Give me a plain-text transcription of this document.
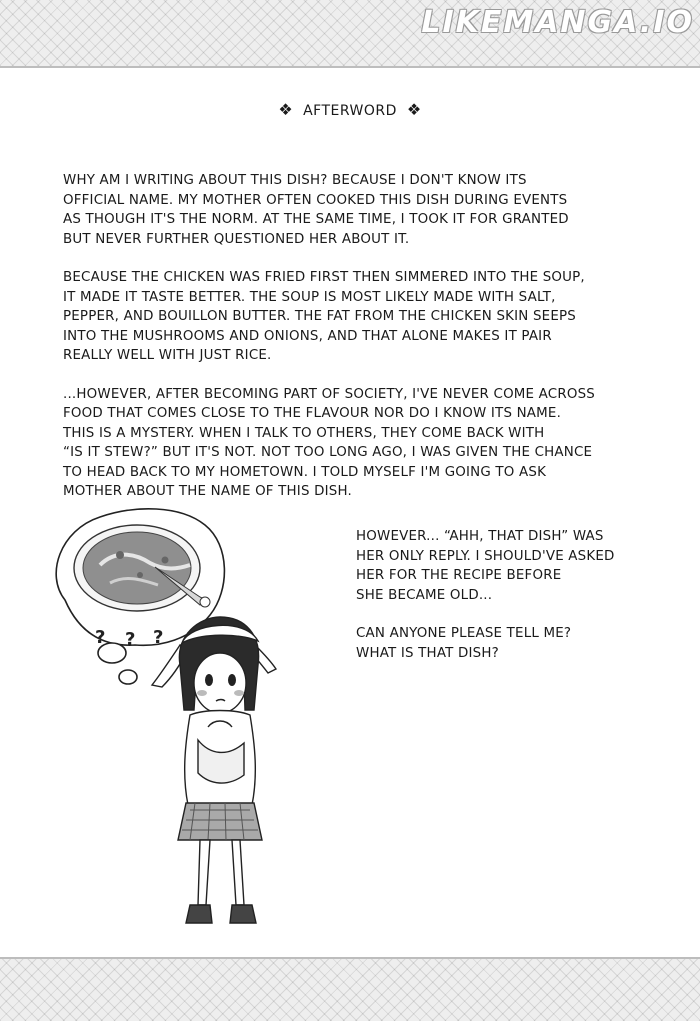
LIKEMANGA.IO
❖ AFTERWORD ❖

WHY AM I WRITING ABOUT THIS DISH? BECAUSE I DON'T KNOW ITS
OFFICIAL NAME. MY MOTHER OFTEN COOKED THIS DISH DURING EVENTS
AS THOUGH IT'S THE NORM. AT THE SAME TIME, I TOOK IT FOR GRANTED
BUT NEVER FURTHER QUESTIONED HER ABOUT IT.

BECAUSE THE CHICKEN WAS FRIED FIRST THEN SIMMERED INTO THE SOUP,
IT MADE IT TASTE BETTER. THE SOUP IS MOST LIKELY MADE WITH SALT,
PEPPER, AND BOUILLON BUTTER. THE FAT FROM THE CHICKEN SKIN SEEPS
INTO THE MUSHROOMS AND ONIONS, AND THAT ALONE MAKES IT PAIR
REALLY WELL WITH JUST RICE.

...HOWEVER, AFTER BECOMING PART OF SOCIETY, I'VE NEVER COME ACROSS
FOOD THAT COMES CLOSE TO THE FLAVOUR NOR DO I KNOW ITS NAME.
THIS IS A MYSTERY. WHEN I TALK TO OTHERS, THEY COME BACK WITH
“IS IT STEW?” BUT IT'S NOT. NOT TOO LONG AGO, I WAS GIVEN THE CHANCE
TO HEAD BACK TO MY HOMETOWN. I TOLD MYSELF I'M GOING TO ASK
MOTHER ABOUT THE NAME OF THIS DISH.

HOWEVER... “AHH, THAT DISH” WAS
HER ONLY REPLY. I SHOULD'VE ASKED
HER FOR THE RECIPE BEFORE
SHE BECAME OLD...

CAN ANYONE PLEASE TELL ME?
WHAT IS THAT DISH?

? ? ?
